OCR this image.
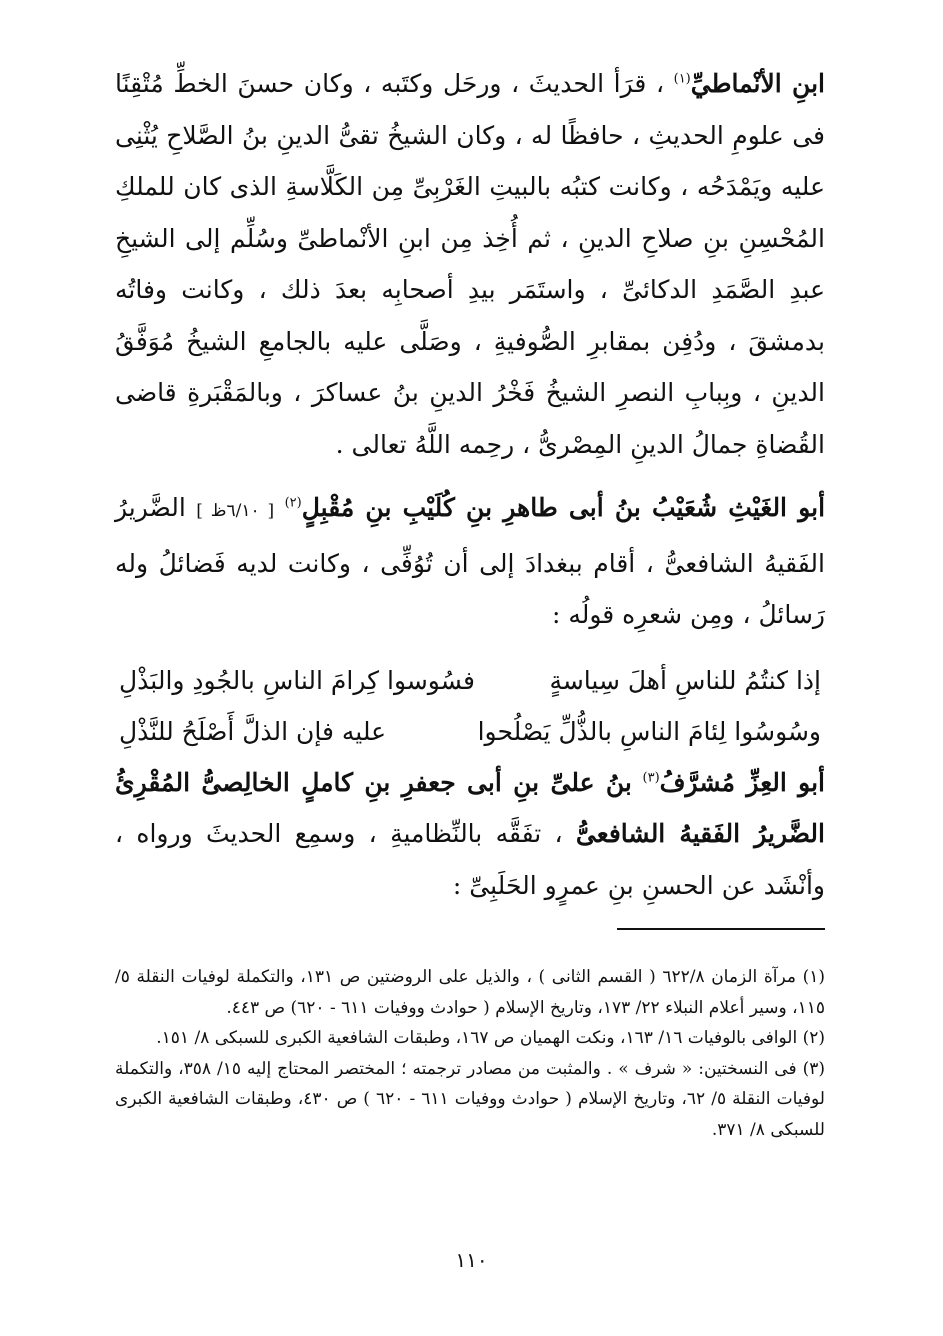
ابنِ الأنْماطيِّ$^{(١)}$ ، قرَأ الحديثَ ، ورحَل وكتَبه ، وكان حسنَ الخطِّ مُتْقِنًا فى علومِ الحديثِ ، حافظًا له ، وكان الشيخُ تقىُّ الدينِ بنُ الصَّلاحِ يُثْنِى عليه ويَمْدَحُه ، وكانت كتبُه بالبيتِ الغَرْبِىِّ مِن الكَلَّاسةِ الذى كان للملكِ المُحْسِنِ بنِ صلاحِ الدينِ ، ثم أُخِذ مِن ابنِ الأنْماطىِّ وسُلِّم إلى الشيخِ عبدِ الصَّمَدِ الدكائىِّ ، واستَمَر بيدِ أصحابِه بعدَ ذلك ، وكانت وفاتُه بدمشقَ ، ودُفِن بمقابرِ الصُّوفيةِ ، وصَلَّى عليه بالجامعِ الشيخُ مُوَفَّقُ الدينِ ، وبِبابِ النصرِ الشيخُ فَخْرُ الدينِ بنُ عساكرَ ، وبالمَقْبَرةِ قاضى القُضاةِ جمالُ الدينِ المِصْرىُّ ، رحِمه اللَّهُ تعالى .

أبو الغَيْثِ شُعَيْبُ بنُ أبى طاهرِ بنِ كُلَيْبِ بنِ مُقْبِلٍ$^{(٢)}$ [ ٦/١٠ظ ] الضَّريرُ الفَقيهُ الشافعىُّ ، أقام ببغدادَ إلى أن تُوُفِّى ، وكانت لديه فَضائلُ وله رَسائلُ ، ومِن شعرِه قولُه :

إذا كنتُمُ للناسِ أهلَ سِياسةٍ
فسُوسوا كِرامَ الناسِ بالجُودِ والبَذْلِ
وسُوسُوا لِئامَ الناسِ بالذُّلِّ يَصْلُحوا
عليه فإن الذلَّ أَصْلَحُ للنَّذْلِ

أبو العِزِّ مُشرَّفُ$^{(٣)}$ بنُ علىِّ بنِ أبى جعفرِ بنِ كاملٍ الخالِصىُّ المُقْرِئُ الضَّريرُ الفَقيهُ الشافعىُّ ، تفَقَّه بالنِّظاميةِ ، وسمِع الحديثَ ورواه ، وأنْشَد عن الحسنِ بنِ عمرٍو الحَلَبِىِّ :

(١) مرآة الزمان ٦٢٢/٨ ( القسم الثانى ) ، والذيل على الروضتين ص ١٣١، والتكملة لوفيات النقلة ٥/ ١١٥، وسير أعلام النبلاء ٢٢/ ١٧٣، وتاريخ الإسلام ( حوادث ووفيات ٦١١ - ٦٢٠) ص ٤٤٣.

(٢) الوافى بالوفيات ١٦/ ١٦٣، ونكت الهميان ص ١٦٧، وطبقات الشافعية الكبرى للسبكى ٨/ ١٥١.

(٣) فى النسختين: « شرف » . والمثبت من مصادر ترجمته ؛ المختصر المحتاج إليه ١٥/ ٣٥٨، والتكملة لوفيات النقلة ٥/ ٦٢، وتاريخ الإسلام ( حوادث ووفيات ٦١١ - ٦٢٠ ) ص ٤٣٠، وطبقات الشافعية الكبرى للسبكى ٨/ ٣٧١.

١١٠
